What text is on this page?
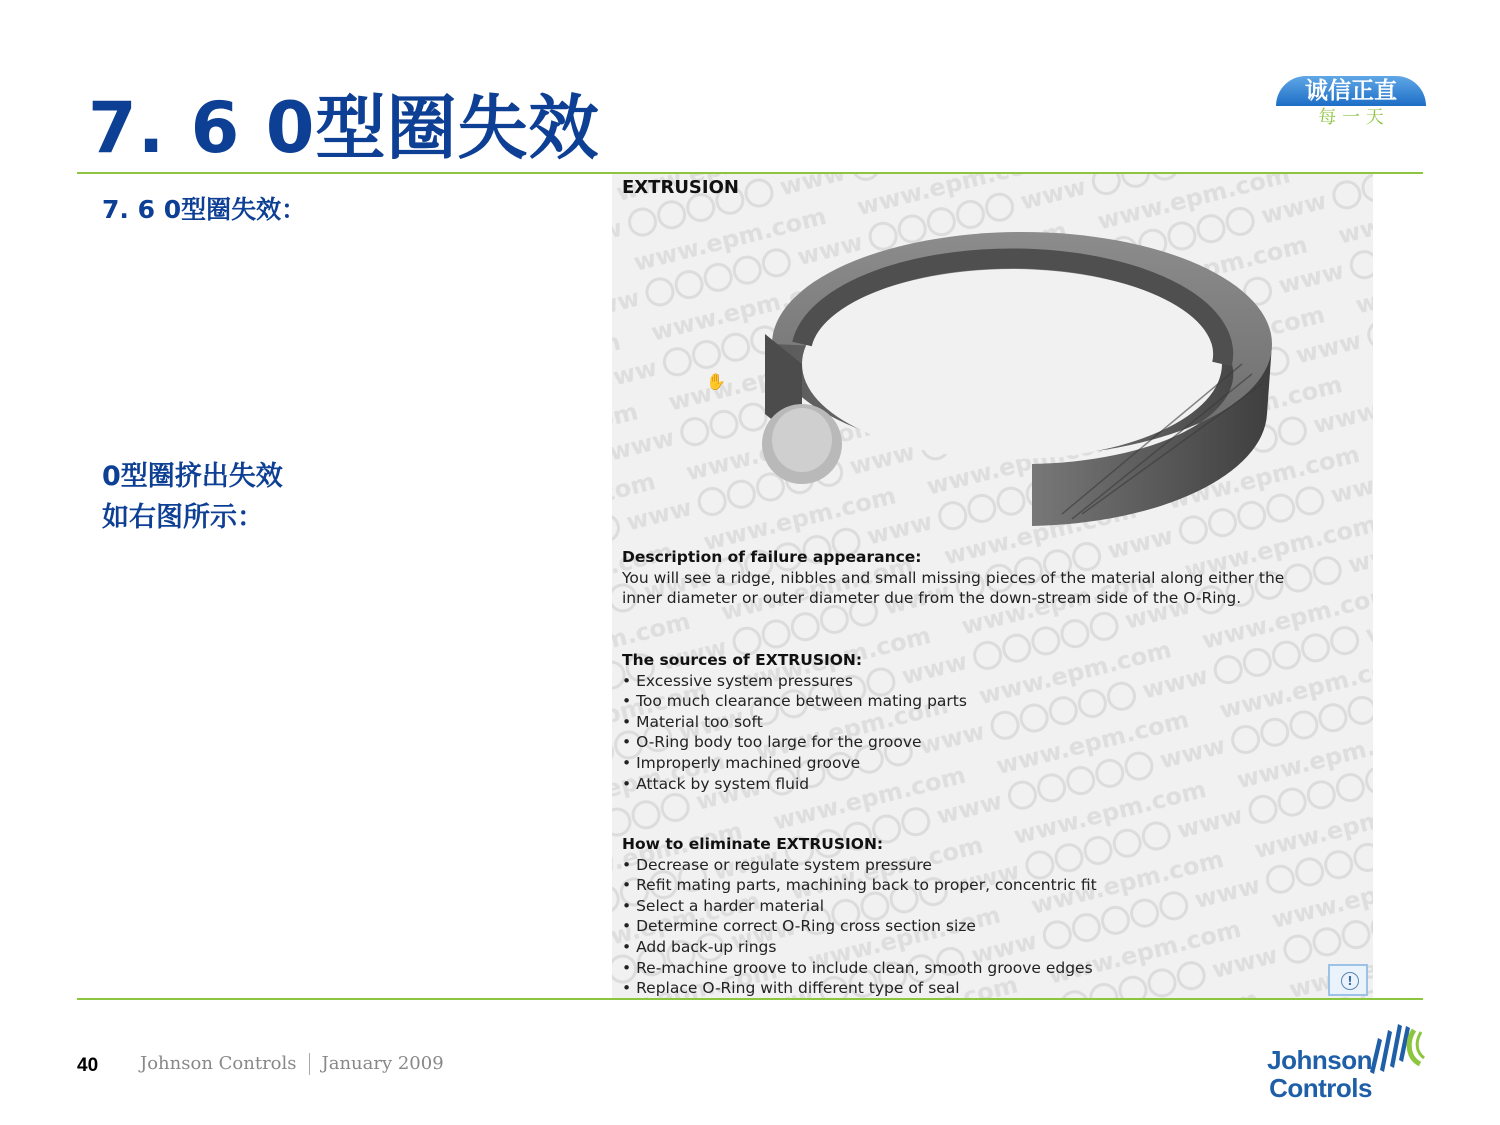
7. 6 0型圈失效	诚信正直
每 一 天
7. 6 0型圈失效：
0型圈挤出失效
如右图所示：
EXTRUSION
✋
Description of failure appearance:
You will see a ridge, nibbles and small missing pieces of the material along either the
inner diameter or outer diameter due from the down-stream side of the O-Ring.
The sources of EXTRUSION:
• Excessive system pressures
• Too much clearance between mating parts
• Material too soft
• O-Ring body too large for the groove
• Improperly machined groove
• Attack by system fluid
How to eliminate EXTRUSION:
• Decrease or regulate system pressure
• Refit mating parts, machining back to proper, concentric fit
• Select a harder material
• Determine correct O-Ring cross section size
• Add back-up rings
• Re-machine groove to include clean, smooth groove edges
• Replace O-Ring with different type of seal	!
40 Johnson Controls January 2009	Johnson
Controls
